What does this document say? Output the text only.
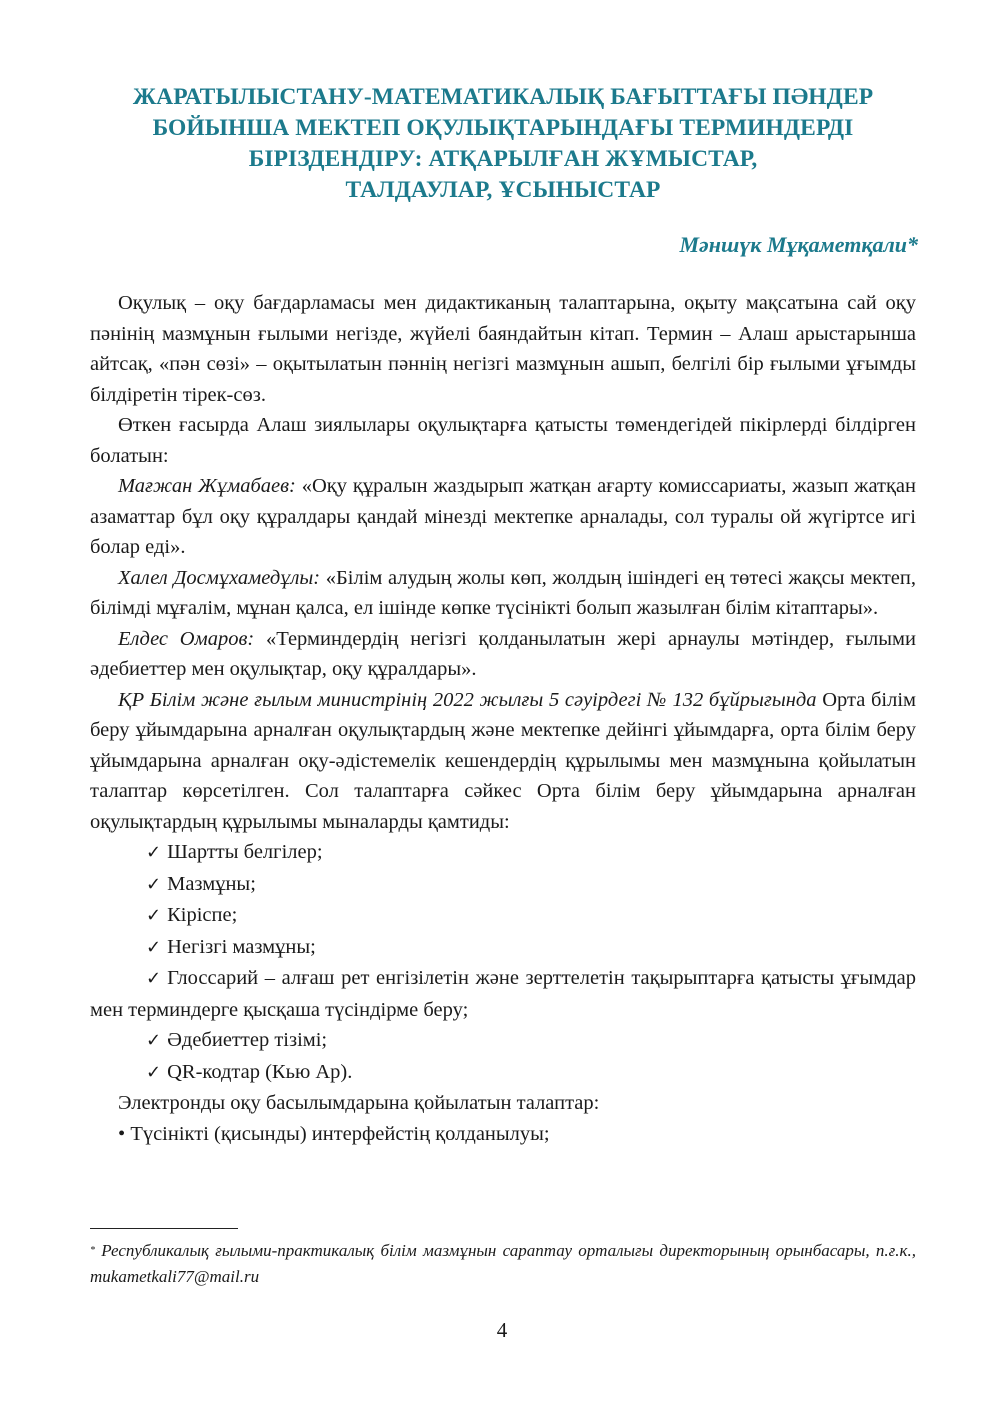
ЖАРАТЫЛЫСТАНУ-МАТЕМАТИКАЛЫҚ БАҒЫТТАҒЫ ПӘНДЕР
БОЙЫНША МЕКТЕП ОҚУЛЫҚТАРЫНДАҒЫ ТЕРМИНДЕРДІ
БІРІЗДЕНДІРУ: АТҚАРЫЛҒАН ЖҰМЫСТАР,
ТАЛДАУЛАР, ҰСЫНЫСТАР
Мәншүк Мұқаметқали*

Оқулық – оқу бағдарламасы мен дидактиканың талаптарына, оқыту мақсатына сай оқу пәнінің мазмұнын ғылыми негізде, жүйелі баяндайтын кітап. Термин – Алаш арыстарынша айтсақ, «пән сөзі» – оқытылатын пәннің негізгі мазмұнын ашып, белгілі бір ғылыми ұғымды білдіретін тірек-сөз.

Өткен ғасырда Алаш зиялылары оқулықтарға қатысты төмендегідей пікірлерді білдірген болатын:

Мағжан Жұмабаев: «Оқу құралын жаздырып жатқан ағарту комиссариаты, жазып жатқан азаматтар бұл оқу құралдары қандай мінезді мектепке арналады, сол туралы ой жүгіртсе игі болар еді».

Халел Досмұхамедұлы: «Білім алудың жолы көп, жолдың ішіндегі ең төтесі жақсы мектеп, білімді мұғалім, мұнан қалса, ел ішінде көпке түсінікті болып жазылған білім кітаптары».

Елдес Омаров: «Терминдердің негізгі қолданылатын жері арнаулы мәтіндер, ғылыми әдебиеттер мен оқулықтар, оқу құралдары».

ҚР Білім және ғылым министрінің 2022 жылғы 5 сәуірдегі № 132 бұйрығында Орта білім беру ұйымдарына арналған оқулықтардың және мектепке дейінгі ұйымдарға, орта білім беру ұйымдарына арналған оқу-әдістемелік кешендердің құрылымы мен мазмұнына қойылатын талаптар көрсетілген. Сол талаптарға сәйкес Орта білім беру ұйымдарына арналған оқулықтардың құрылымы мыналарды қамтиды:

✓ Шартты белгілер;

✓ Мазмұны;

✓ Кіріспе;

✓ Негізгі мазмұны;

✓ Глоссарий – алғаш рет енгізілетін және зерттелетін тақырыптарға қатысты ұғымдар мен терминдерге қысқаша түсіндірме беру;

✓ Әдебиеттер тізімі;

✓ QR-кодтар (Кью Ар).

Электронды оқу басылымдарына қойылатын талаптар:

• Түсінікті (қисынды) интерфейстің қолданылуы;

* Республикалық ғылыми-практикалық білім мазмұнын сараптау орталығы директорының орынбасары, п.ғ.к., mukametkali77@mail.ru
4
